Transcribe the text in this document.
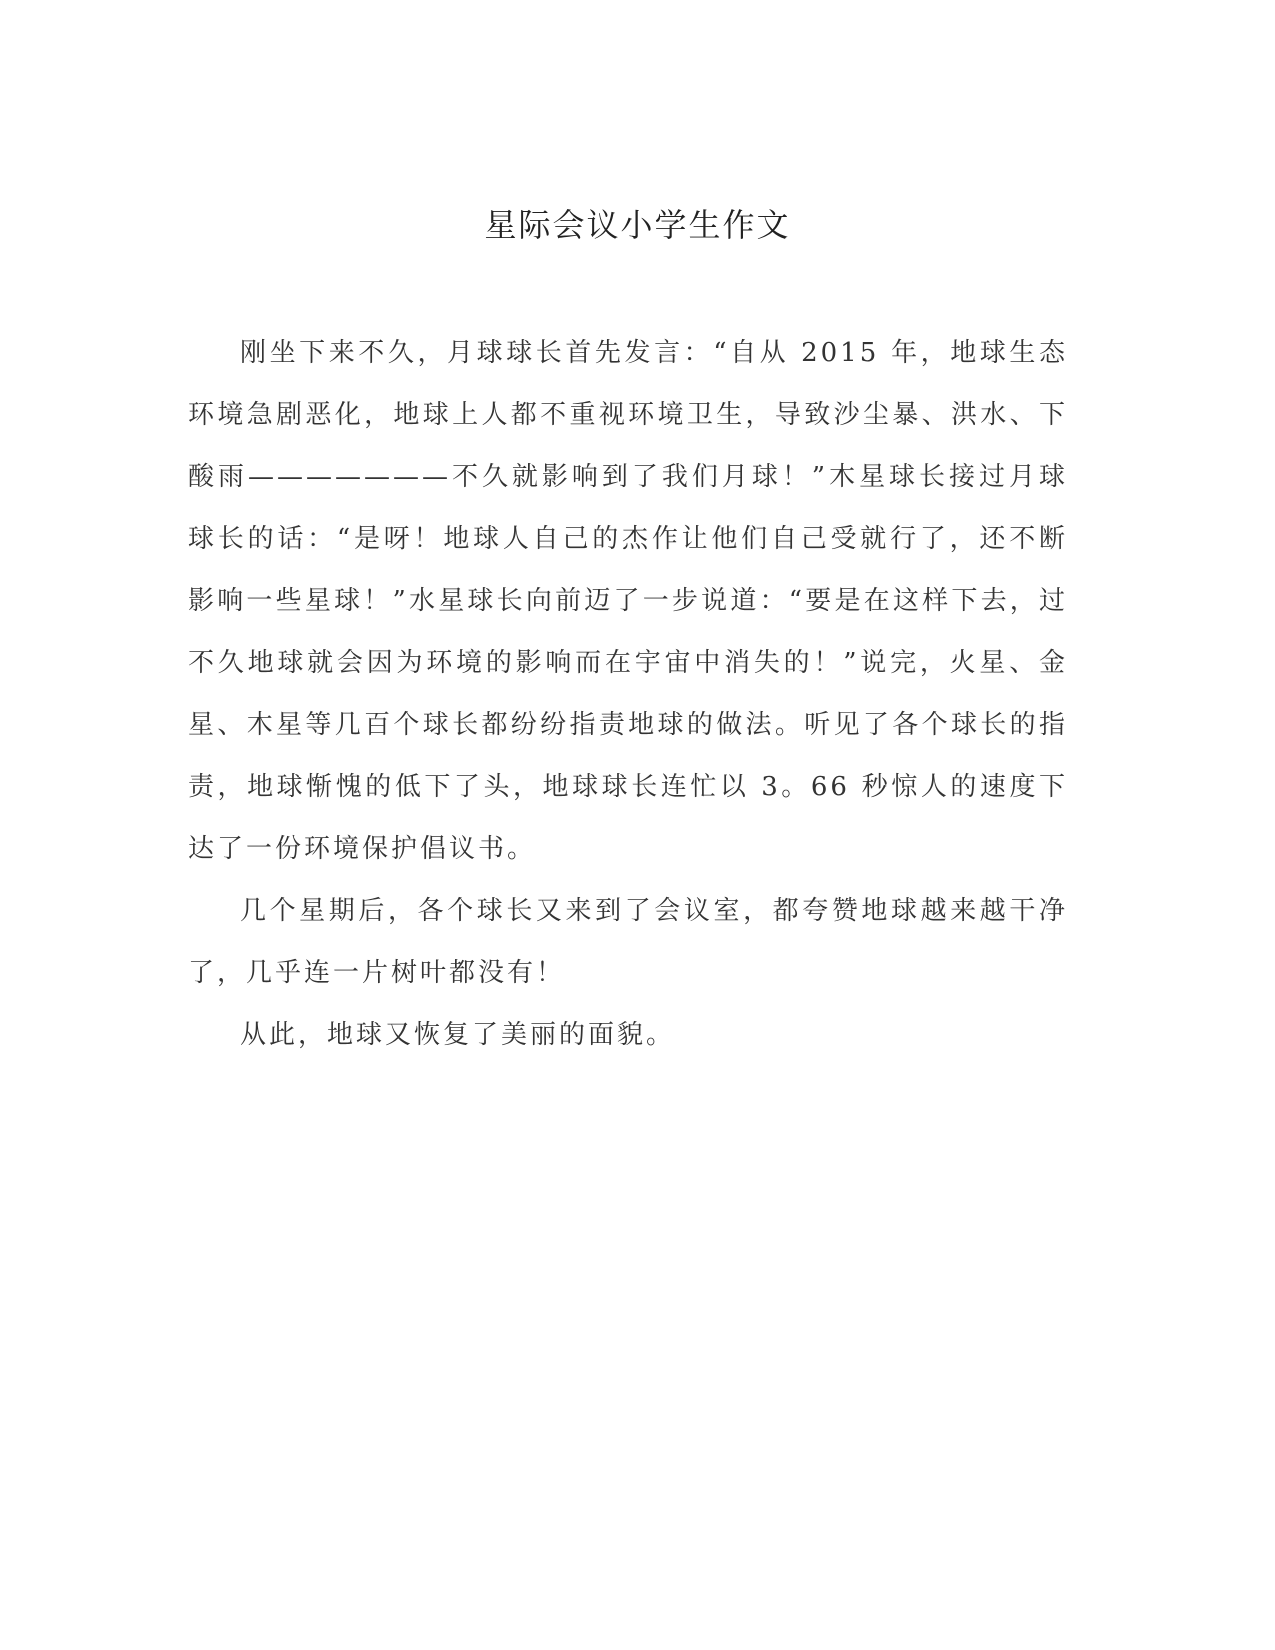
星际会议小学生作文

刚坐下来不久，月球球长首先发言：“自从 2015 年，地球生态环境急剧恶化，地球上人都不重视环境卫生，导致沙尘暴、洪水、下酸雨———————不久就影响到了我们月球！”木星球长接过月球球长的话：“是呀！地球人自己的杰作让他们自己受就行了，还不断影响一些星球！”水星球长向前迈了一步说道：“要是在这样下去，过不久地球就会因为环境的影响而在宇宙中消失的！”说完，火星、金星、木星等几百个球长都纷纷指责地球的做法。听见了各个球长的指责，地球惭愧的低下了头，地球球长连忙以 3。66 秒惊人的速度下达了一份环境保护倡议书。

几个星期后，各个球长又来到了会议室，都夸赞地球越来越干净了，几乎连一片树叶都没有！

从此，地球又恢复了美丽的面貌。
